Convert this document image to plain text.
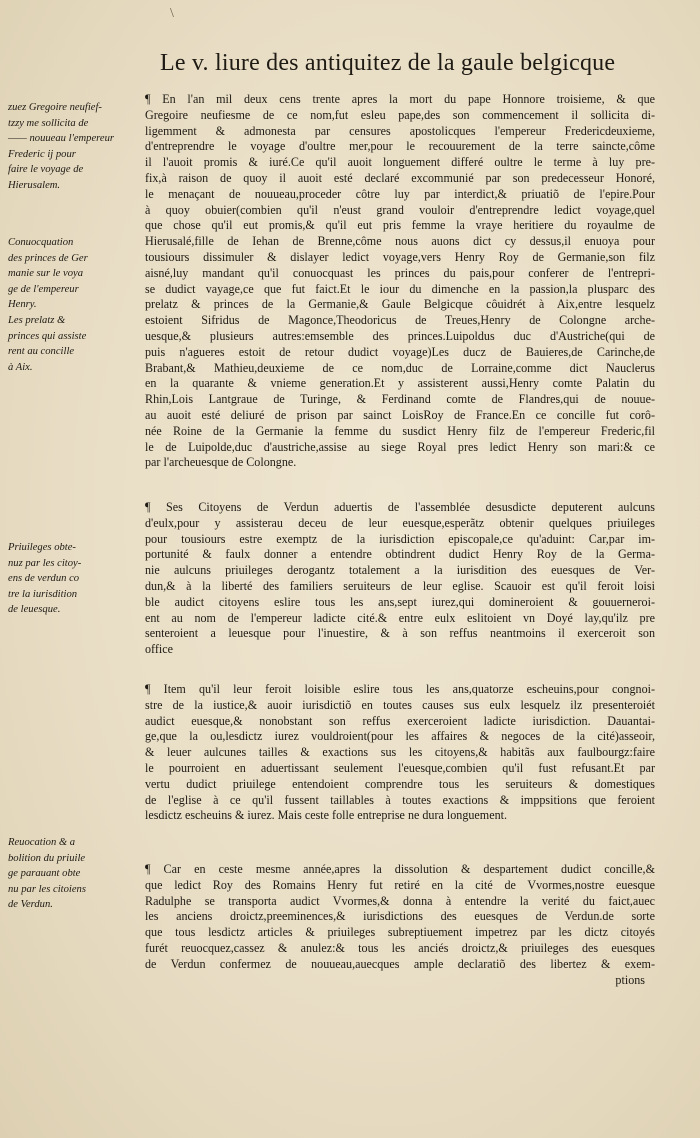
\
Le v. liure des antiquitez de la gaule belgicque
zuez Gregoire neufief-
tzzy me sollicita de
—— nouueau l'empereur
Frederic ij pour
faire le voyage de
Hierusalem.
Conuocquation
des princes de Ger
manie sur le voya
ge de l'empereur
Henry.
Les prelatz &
princes qui assiste
rent au concille
à Aix.
Priuileges obte-
nuz par les citoy-
ens de verdun co
tre la iurisdition
de leuesque.
Reuocation & a
bolition du priuile
ge parauant obte
nu par les citoiens
de Verdun.
¶ En l'an mil deux cens trente apres la mort du pape Honnore troisieme, & que
Gregoire neufiesme de ce nom,fut esleu pape,des son commencement il sollicita di-
ligemment & admonesta par censures apostolicques l'empereur Fredericdeuxieme,
d'entreprendre le voyage d'oultre mer,pour le recouurement de la terre saincte,côme
il l'auoit promis & iuré.Ce qu'il auoit longuement differé oultre le terme à luy pre-
fix,à raison de quoy il auoit esté declaré excommunié par son predecesseur Honoré,
le menaçant de nouueau,proceder côtre luy par interdict,& priuatiõ de l'epire.Pour
à quoy obuier(combien qu'il n'eust grand vouloir d'entreprendre ledict voyage,quel
que chose qu'il eut promis,& qu'il eut pris femme la vraye heritiere du royaulme de
Hierusalé,fille de Iehan de Brenne,côme nous auons dict cy dessus,il enuoya pour
tousiours dissimuler & dislayer ledict voyage,vers Henry Roy de Germanie,son filz
aisné,luy mandant qu'il conuocquast les princes du pais,pour conferer de l'entrepri-
se dudict vayage,ce que fut faict.Et le iour du dimenche en la passion,la plusparc des
prelatz & princes de la Germanie,& Gaule Belgicque côuidrét à Aix,entre lesquelz
estoient Sifridus de Magonce,Theodoricus de Treues,Henry de Colongne arche-
uesque,& plusieurs autres:emsemble des princes.Luipoldus duc d'Austriche(qui de
puis n'agueres estoit de retour dudict voyage)Les ducz de Bauieres,de Carinche,de
Brabant,& Mathieu,deuxieme de ce nom,duc de Lorraine,comme dict Nauclerus
en la quarante & vnieme generation.Et y assisterent aussi,Henry comte Palatin du
Rhin,Lois Lantgraue de Turinge, & Ferdinand comte de Flandres,qui de nouue-
au auoit esté deliuré de prison par sainct LoisRoy de France.En ce concille fut corô-
née Roine de la Germanie la femme du susdict Henry filz de l'empereur Frederic,fil
le de Luipolde,duc d'austriche,assise au siege Royal pres ledict Henry son mari:& ce
par l'archeuesque de Colongne.
¶ Ses Citoyens de Verdun aduertis de l'assemblée desusdicte deputerent aulcuns
d'eulx,pour y assisterau deceu de leur euesque,esperãtz obtenir quelques priuileges
pour tousiours estre exemptz de la iurisdiction episcopale,ce qu'aduint: Car,par im-
portunité & faulx donner a entendre obtindrent dudict Henry Roy de la Germa-
nie aulcuns priuileges derogantz totalement a la iurisdition des euesques de Ver-
dun,& à la liberté des familiers seruiteurs de leur eglise. Scauoir est qu'il feroit loisi
ble audict citoyens eslire tous les ans,sept iurez,qui domineroient & gouuerneroi-
ent au nom de l'empereur ladicte cité.& entre eulx eslitoient vn Doyé lay,qu'ilz pre
senteroient a leuesque pour l'inuestire, & à son reffus neantmoins il exerceroit son
office
¶ Item qu'il leur feroit loisible eslire tous les ans,quatorze escheuins,pour congnoi-
stre de la iustice,& auoir iurisdictiõ en toutes causes sus eulx lesquelz ilz presenteroiét
audict euesque,& nonobstant son reffus exerceroient ladicte iurisdiction. Dauantai-
ge,que la ou,lesdictz iurez vouldroient(pour les affaires & negoces de la cité)asseoir,
& leuer aulcunes tailles & exactions sus les citoyens,& habitãs aux faulbourgz:faire
le pourroient en aduertissant seulement l'euesque,combien qu'il fust refusant.Et par
vertu dudict priuilege entendoient comprendre tous les seruiteurs & domestiques
de l'eglise à ce qu'il fussent taillables à toutes exactions & imppsitions que feroient
lesdictz escheuins & iurez. Mais ceste folle entreprise ne dura longuement.
¶ Car en ceste mesme année,apres la dissolution & despartement dudict concille,&
que ledict Roy des Romains Henry fut retiré en la cité de Vvormes,nostre euesque
Radulphe se transporta audict Vvormes,& donna à entendre la verité du faict,auec
les anciens droictz,preeminences,& iurisdictions des euesques de Verdun.de sorte
que tous lesdictz articles & priuileges subreptiuement impetrez par les dictz citoyés
furét reuocquez,cassez & anulez:& tous les anciés droictz,& priuileges des euesques
de Verdun confermez de nouueau,auecques ample declaratiõ des libertez & exem-
ptions
